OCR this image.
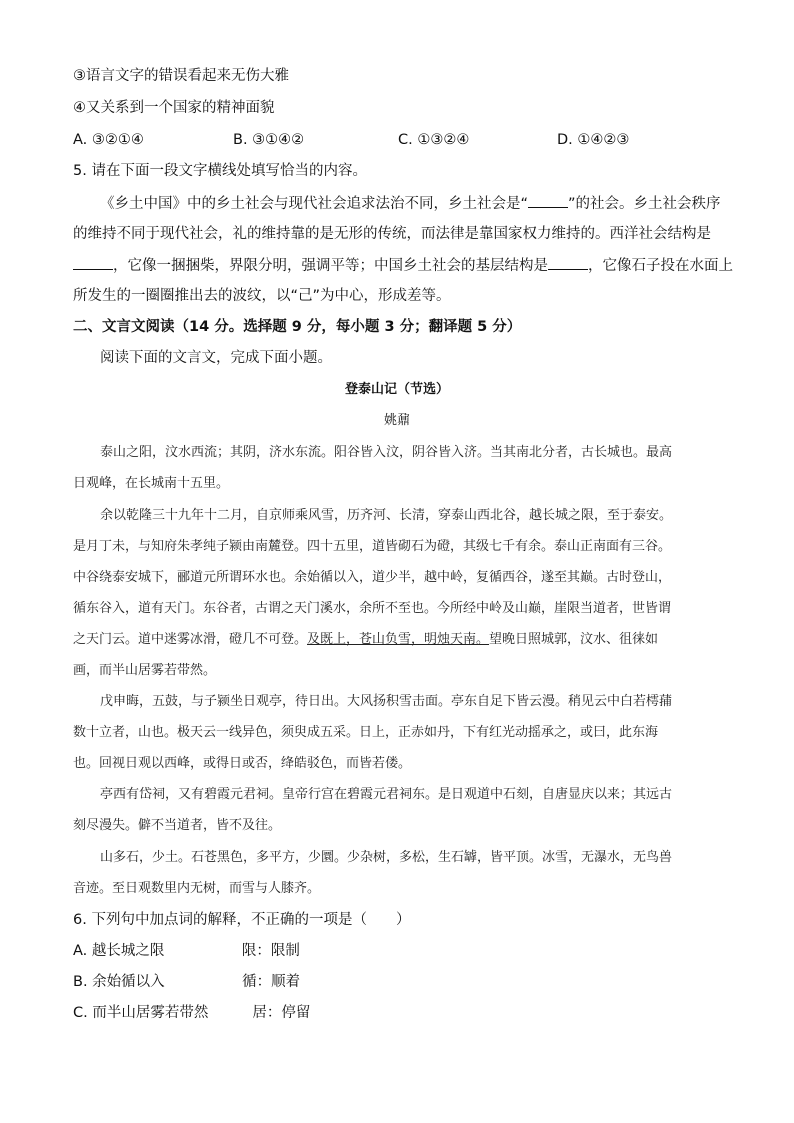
③语言文字的错误看起来无伤大雅
④又关系到一个国家的精神面貌
A. ③②①④	B. ③①④②	C. ①③②④	D. ①④②③
5. 请在下面一段文字横线处填写恰当的内容。
《乡土中国》中的乡土社会与现代社会追求法治不同，乡土社会是“	”的社会。乡土社会秩序
的维持不同于现代社会，礼的维持靠的是无形的传统，而法律是靠国家权力维持的。西洋社会结构是
，它像一捆捆柴，界限分明，强调平等；中国乡土社会的基层结构是	，它像石子投在水面上
所发生的一圈圈推出去的波纹，以“己”为中心，形成差等。
二、文言文阅读（14 分。选择题 9 分，每小题 3 分；翻译题 5 分）
阅读下面的文言文，完成下面小题。
登泰山记（节选）
姚鼐
泰山之阳，汶水西流；其阴，济水东流。阳谷皆入汶，阴谷皆入济。当其南北分者，古长城也。最高
日观峰，在长城南十五里。
余以乾隆三十九年十二月，自京师乘风雪，历齐河、长清，穿泰山西北谷，越长城之限，至于泰安。
是月丁未，与知府朱孝纯子颍由南麓登。四十五里，道皆砌石为磴，其级七千有余。泰山正南面有三谷。
中谷绕泰安城下，郦道元所谓环水也。余始循以入，道少半，越中岭，复循西谷，遂至其巅。古时登山，
循东谷入，道有天门。东谷者，古谓之天门溪水，余所不至也。今所经中岭及山巅，崖限当道者，世皆谓
之天门云。道中迷雾冰滑，磴几不可登。及既上，苍山负雪，明烛天南。望晚日照城郭，汶水、徂徕如
画，而半山居雾若带然。
戊申晦，五鼓，与子颍坐日观亭，待日出。大风扬积雪击面。亭东自足下皆云漫。稍见云中白若樗蒱
数十立者，山也。极天云一线异色，须臾成五采。日上，正赤如丹，下有红光动摇承之，或曰，此东海
也。回视日观以西峰，或得日或否，绛皓驳色，而皆若偻。
亭西有岱祠，又有碧霞元君祠。皇帝行宫在碧霞元君祠东。是日观道中石刻，自唐显庆以来；其远古
刻尽漫失。僻不当道者，皆不及往。
山多石，少土。石苍黑色，多平方，少圜。少杂树，多松，生石罅，皆平顶。冰雪，无瀑水，无鸟兽
音迹。至日观数里内无树，而雪与人膝齐。
6. 下列句中加点词的解释，不正确的一项是（　　）
A. 越长城之限	限：限制
B. 余始循以入	循：顺着
C. 而半山居雾若带然	居：停留
